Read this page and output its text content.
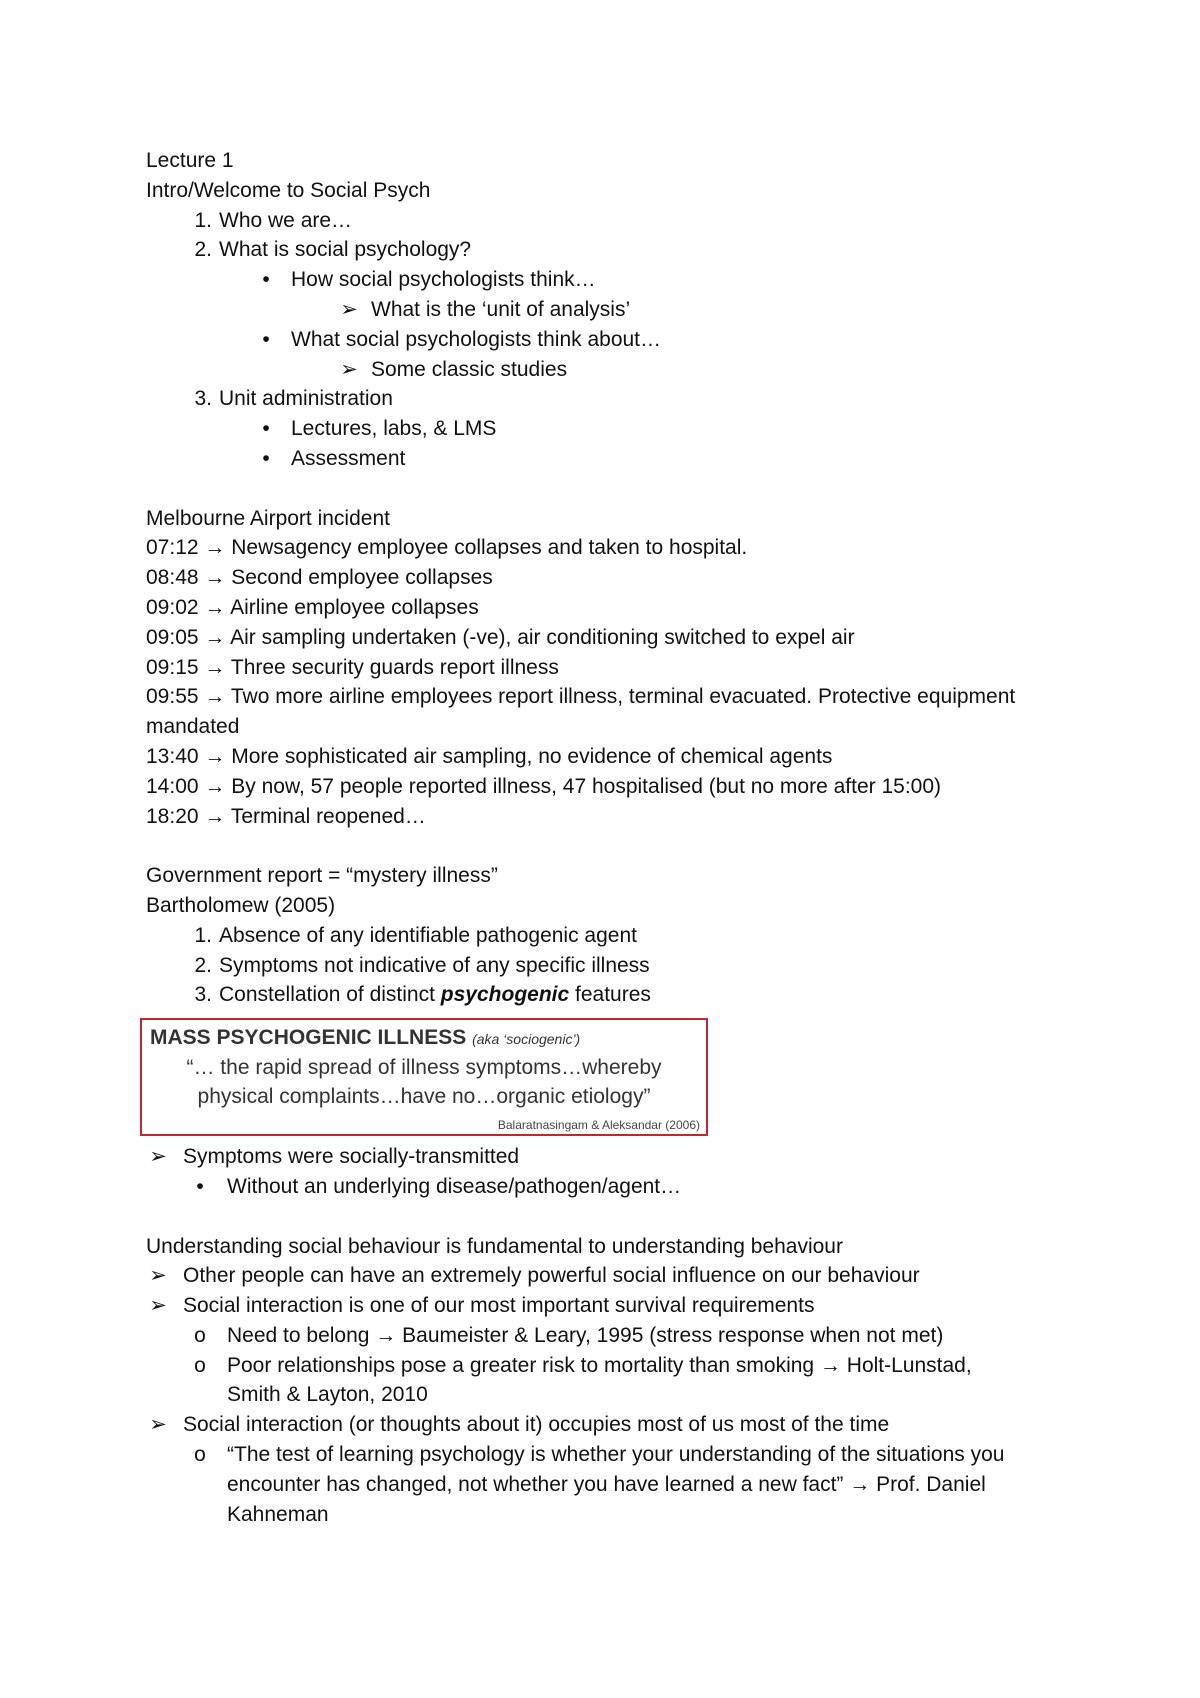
Lecture 1
Intro/Welcome to Social Psych
1. Who we are…
2. What is social psychology?
•	How social psychologists think…
➢ What is the ‘unit of analysis’
•	What social psychologists think about…
➢ Some classic studies
3. Unit administration
•	Lectures, labs, & LMS
•	Assessment
Melbourne Airport incident
07:12 → Newsagency employee collapses and taken to hospital.
08:48 → Second employee collapses
09:02 → Airline employee collapses
09:05 → Air sampling undertaken (-ve), air conditioning switched to expel air
09:15 → Three security guards report illness
09:55 → Two more airline employees report illness, terminal evacuated. Protective equipment mandated
13:40 → More sophisticated air sampling, no evidence of chemical agents
14:00 → By now, 57 people reported illness, 47 hospitalised (but no more after 15:00)
18:20 → Terminal reopened…
Government report = “mystery illness”
Bartholomew (2005)
1. Absence of any identifiable pathogenic agent
2. Symptoms not indicative of any specific illness
3. Constellation of distinct psychogenic features
MASS PSYCHOGENIC ILLNESS (aka ‘sociogenic’)
“… the rapid spread of illness symptoms…whereby
physical complaints…have no…organic etiology”
Balaratnasingam & Aleksandar (2006)
➢ Symptoms were socially-transmitted
•	Without an underlying disease/pathogen/agent…
Understanding social behaviour is fundamental to understanding behaviour
➢ Other people can have an extremely powerful social influence on our behaviour
➢ Social interaction is one of our most important survival requirements
o Need to belong → Baumeister & Leary, 1995 (stress response when not met)
o Poor relationships pose a greater risk to mortality than smoking → Holt-Lunstad,
Smith & Layton, 2010
➢ Social interaction (or thoughts about it) occupies most of us most of the time
o “The test of learning psychology is whether your understanding of the situations you
encounter has changed, not whether you have learned a new fact” → Prof. Daniel
Kahneman
